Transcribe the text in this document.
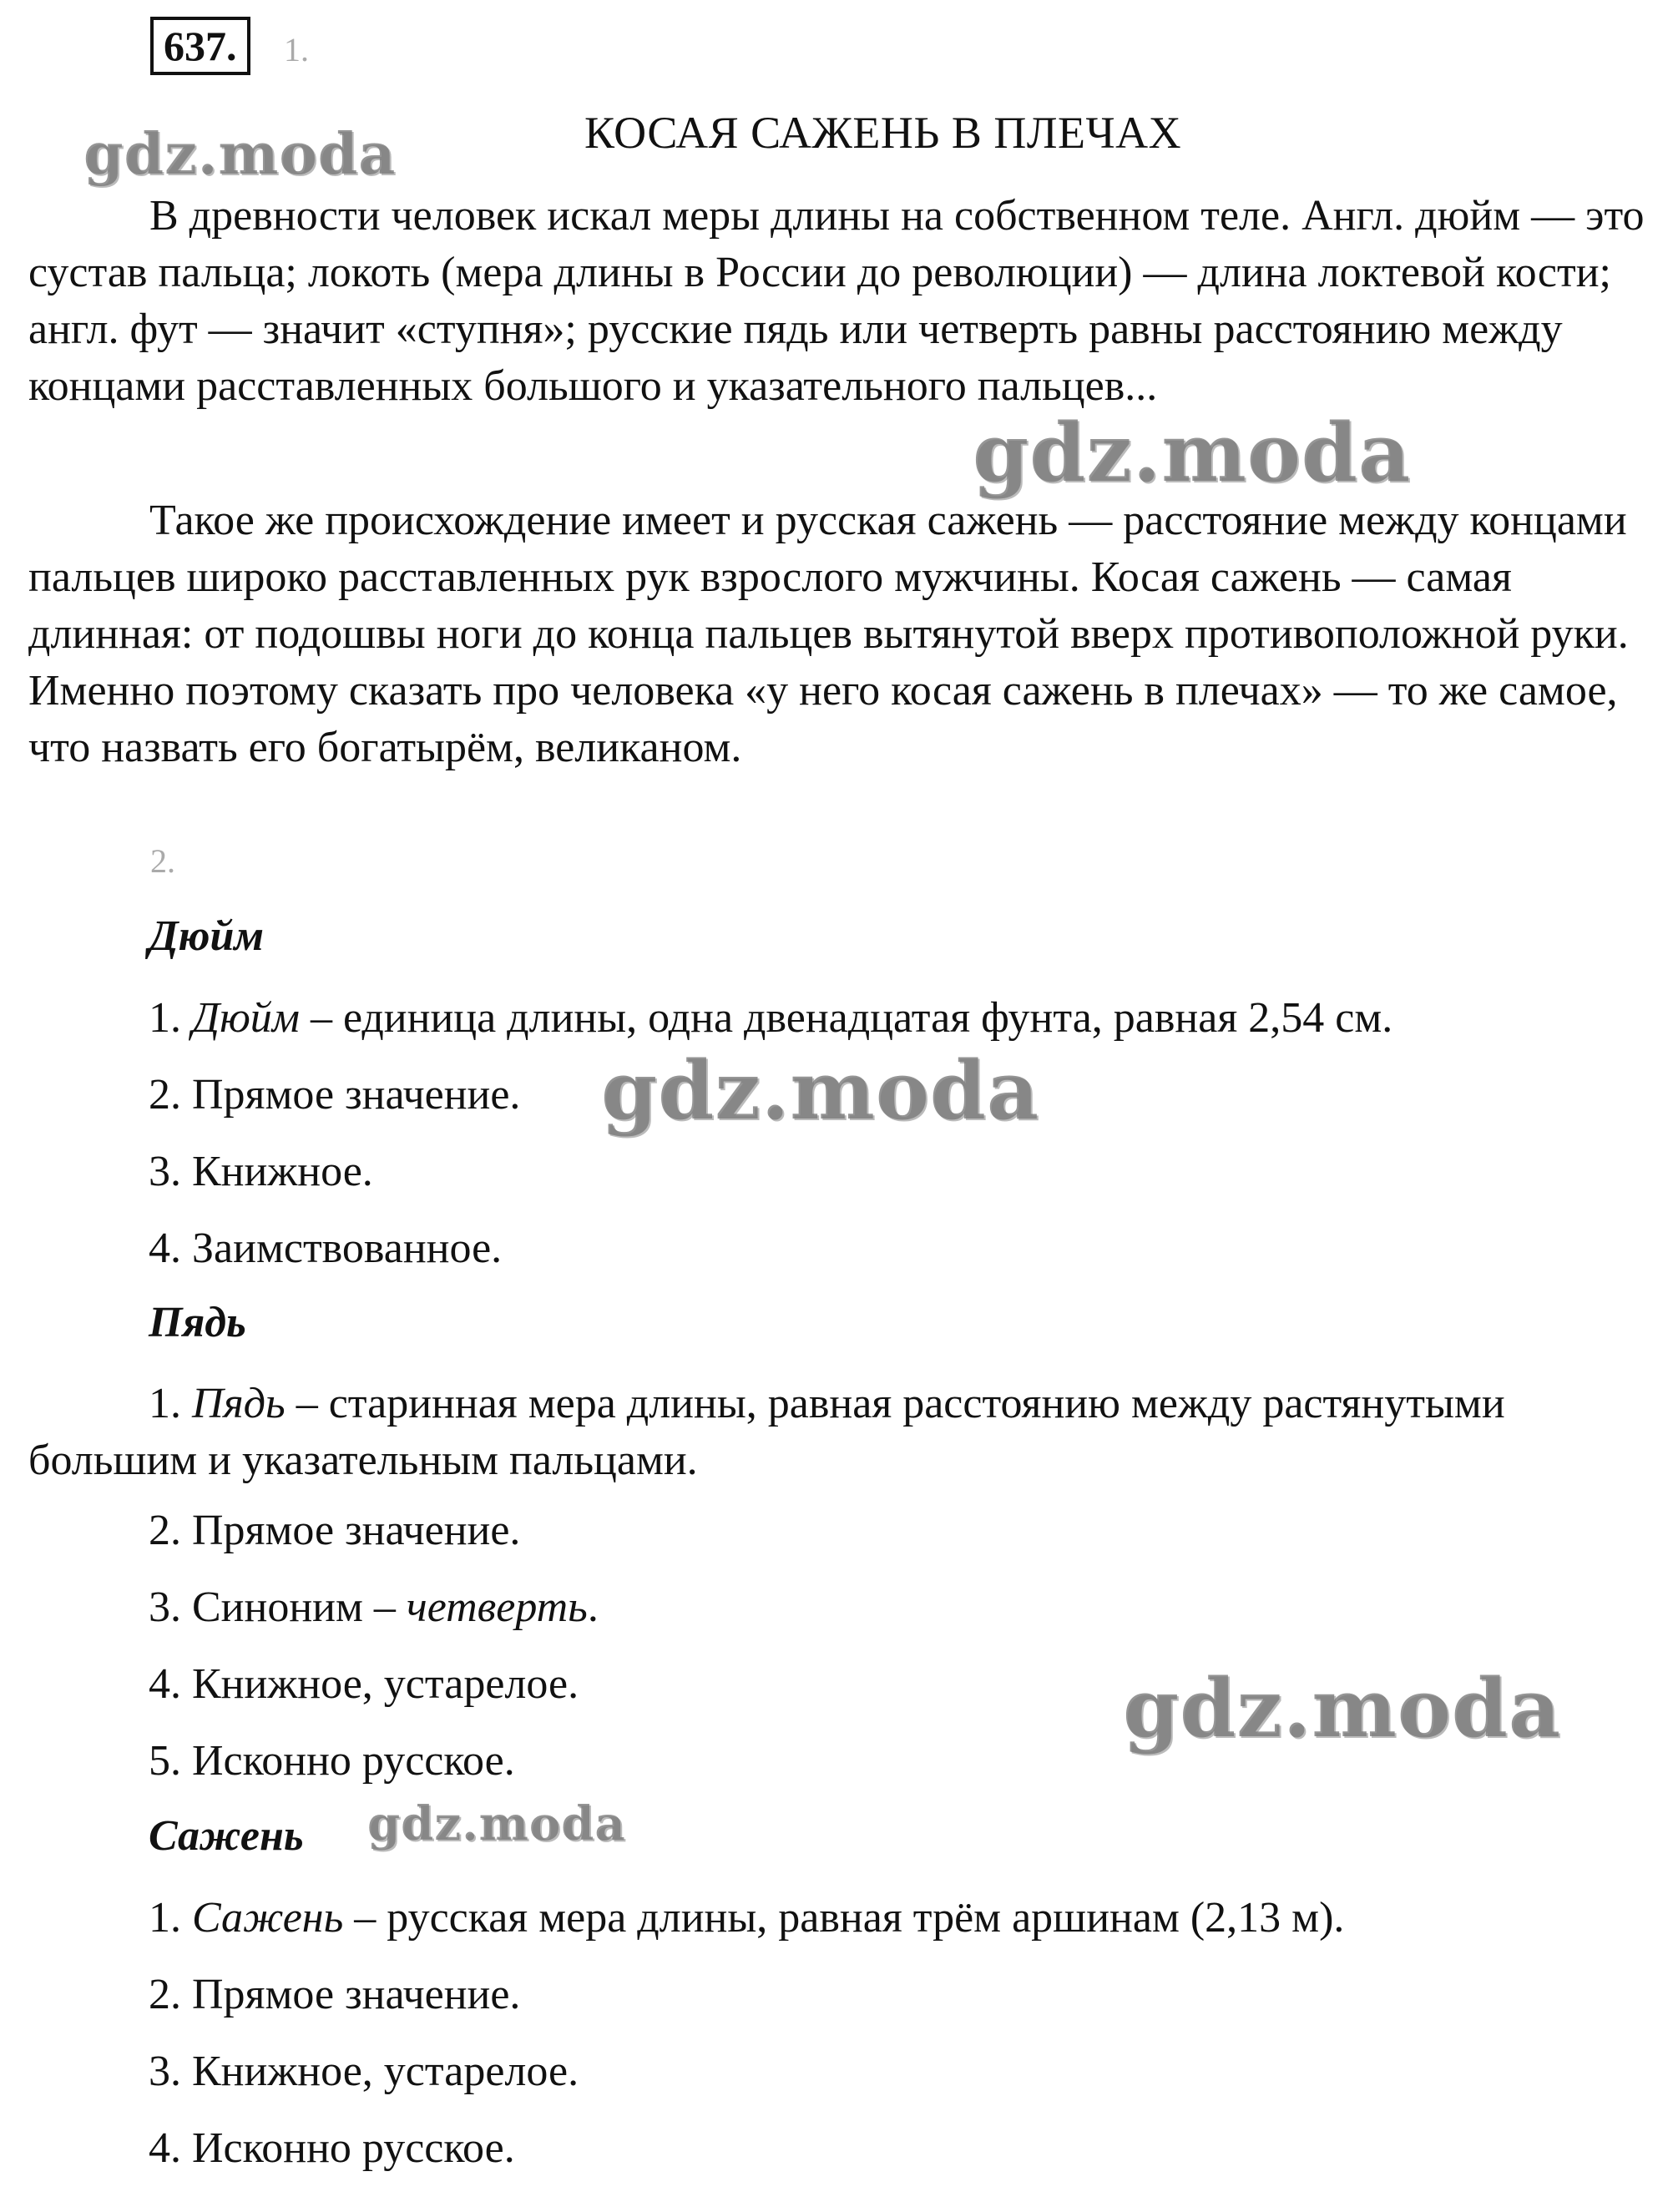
637.	1.
КОСАЯ САЖЕНЬ В ПЛЕЧАХ

В древности человек искал меры длины на собственном теле. Англ. дюйм — это сустав пальца; локоть (мера длины в России до революции) — длина локтевой кости; англ. фут — значит «ступня»; русские пядь или четверть равны расстоянию между концами расставленных большого и указательного пальцев...

Такое же происхождение имеет и русская сажень — расстояние между концами пальцев широко расставленных рук взрослого мужчины. Косая сажень — самая длинная: от подошвы ноги до конца пальцев вытянутой вверх противоположной руки. Именно поэтому сказать про человека «у него косая сажень в плечах» — то же самое, что назвать его богатырём, великаном.

2.
Дюйм
1. Дюйм – единица длины, одна двенадцатая фунта, равная 2,54 см.
2. Прямое значение.
3. Книжное.
4. Заимствованное.
Пядь
1. Пядь – старинная мера длины, равная расстоянию между растянутыми большим и указательным пальцами.
2. Прямое значение.
3. Синоним – четверть.
4. Книжное, устарелое.
5. Исконно русское.
Сажень
1. Сажень – русская мера длины, равная трём аршинам (2,13 м).
2. Прямое значение.
3. Книжное, устарелое.
4. Исконно русское.
gdz.moda
gdz.moda
gdz.moda
gdz.moda
gdz.moda
